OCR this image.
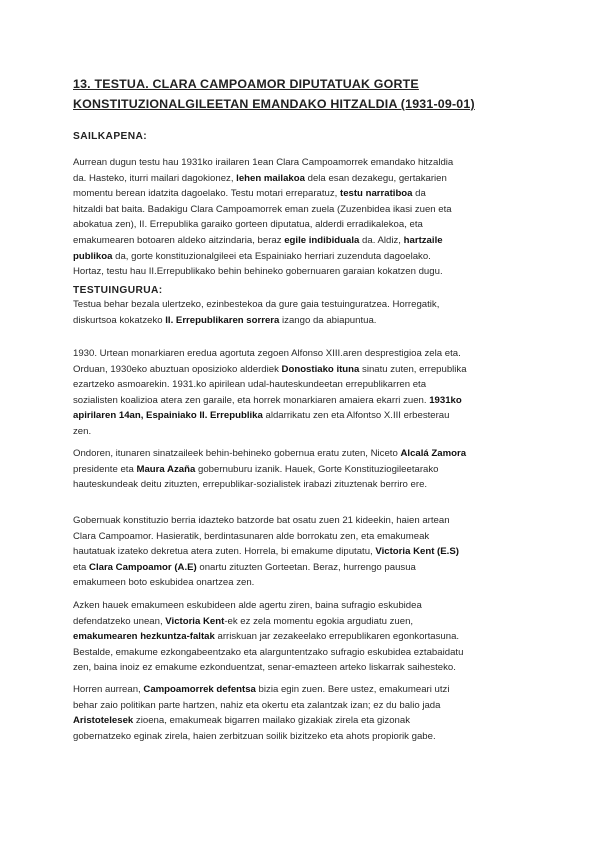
13. TESTUA. CLARA CAMPOAMOR DIPUTATUAK GORTE
KONSTITUZIONALGILEETAN EMANDAKO HITZALDIA (1931-09-01)
SAILKAPENA:

Aurrean dugun testu hau 1931ko irailaren 1ean Clara Campoamorrek emandako hitzaldia
da. Hasteko, iturri mailari dagokionez, lehen mailakoa dela esan dezakegu, gertakarien
momentu berean idatzita dagoelako. Testu motari erreparatuz, testu narratiboa da
hitzaldi bat baita. Badakigu Clara Campoamorrek eman zuela (Zuzenbidea ikasi zuen eta
abokatua zen), II. Errepublika garaiko gorteen diputatua, alderdi erradikalekoa, eta
emakumearen botoaren aldeko aitzindaria, beraz egile indibiduala da. Aldiz, hartzaile
publikoa da, gorte konstituzionalgileei eta Espainiako herriari zuzenduta dagoelako.
Hortaz, testu hau II.Errepublikako behin behineko gobernuaren garaian kokatzen dugu.

TESTUINGURUA:

Testua behar bezala ulertzeko, ezinbestekoa da gure gaia testuinguratzea. Horregatik,
diskurtsoa kokatzeko II. Errepublikaren sorrera izango da abiapuntua.

1930. Urtean monarkiaren eredua agortuta zegoen Alfonso XIII.aren desprestigioa zela eta.
Orduan, 1930eko abuztuan oposizioko alderdiek Donostiako ituna sinatu zuten, errepublika
ezartzeko asmoarekin. 1931.ko apirilean udal-hauteskundeetan errepublikarren eta
sozialisten koalizioa atera zen garaile, eta horrek monarkiaren amaiera ekarri zuen. 1931ko
apirilaren 14an, Espainiako II. Errepublika aldarrikatu zen eta Alfontso X.III erbesterau
zen.

Ondoren, itunaren sinatzaileek behin-behineko gobernua eratu zuten, Niceto Alcalá Zamora
presidente eta Maura Azaña gobernuburu izanik. Hauek, Gorte Konstituziogileetarako
hauteskundeak deitu zituzten, errepublikar-sozialistek irabazi zituztenak berriro ere.

Gobernuak konstituzio berria idazteko batzorde bat osatu zuen 21 kideekin, haien artean
Clara Campoamor. Hasieratik, berdintasunaren alde borrokatu zen, eta emakumeak
hautatuak izateko dekretua atera zuten. Horrela, bi emakume diputatu, Victoria Kent (E.S)
eta Clara Campoamor (A.E) onartu zituzten Gorteetan. Beraz, hurrengo pausua
emakumeen boto eskubidea onartzea zen.

Azken hauek emakumeen eskubideen alde agertu ziren, baina sufragio eskubidea
defendatzeko unean, Victoria Kent-ek ez zela momentu egokia argudiatu zuen,
emakumearen hezkuntza-faltak arriskuan jar zezakeelako errepublikaren egonkortasuna.
Bestalde, emakume ezkongabeentzako eta alarguntentzako sufragio eskubidea eztabaidatu
zen, baina inoiz ez emakume ezkonduentzat, senar-emazteen arteko liskarrak saihesteko.

Horren aurrean, Campoamorrek defentsa bizia egin zuen. Bere ustez, emakumeari utzi
behar zaio politikan parte hartzen, nahiz eta okertu eta zalantzak izan; ez du balio jada
Aristotelesek zioena, emakumeak bigarren mailako gizakiak zirela eta gizonak
gobernatzeko eginak zirela, haien zerbitzuan soilik bizitzeko eta ahots propiorik gabe.
